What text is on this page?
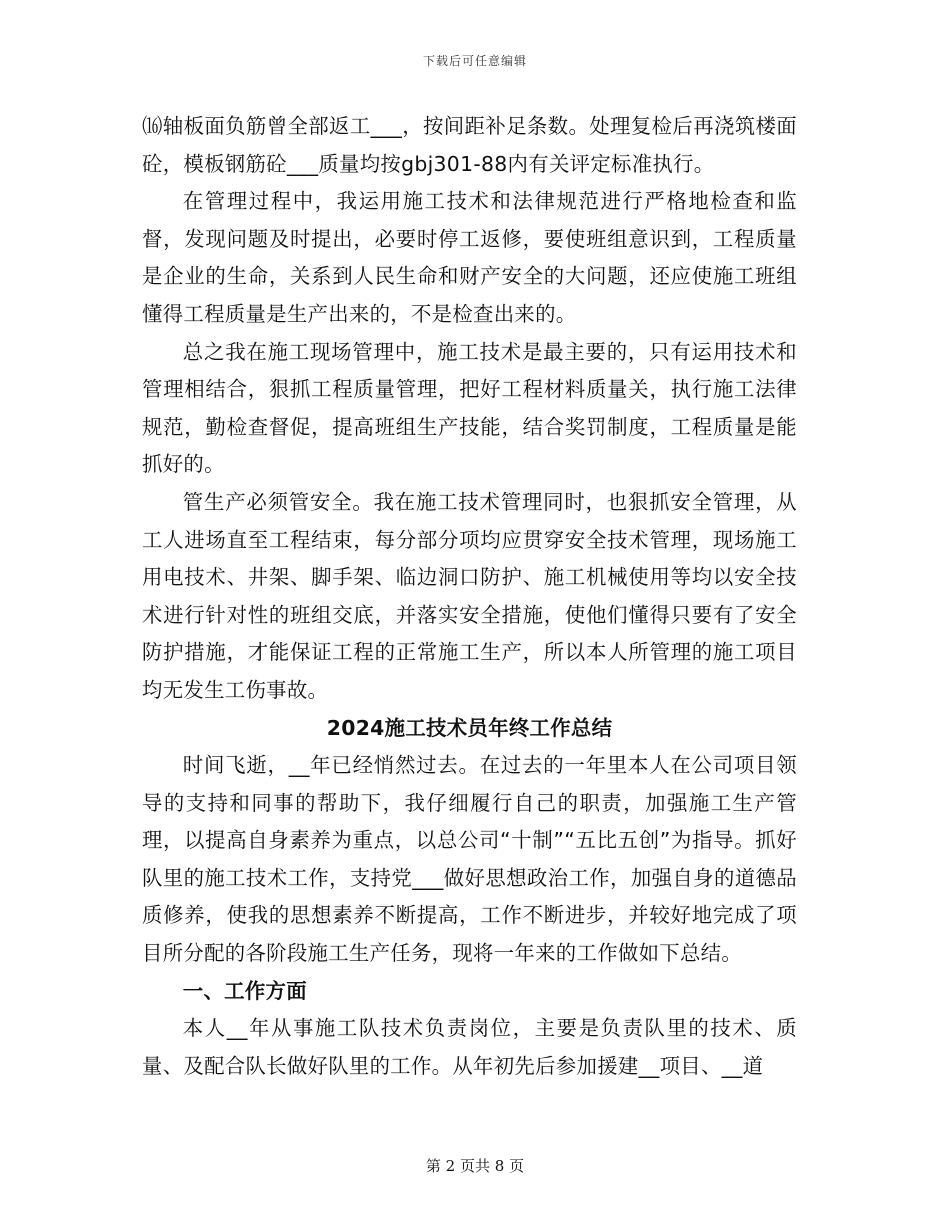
下载后可任意编辑

⒃轴板面负筋曾全部返工___，按间距补足条数。处理复检后再浇筑楼面砼，模板钢筋砼___质量均按gbj301-88内有关评定标准执行。

在管理过程中，我运用施工技术和法律规范进行严格地检查和监督，发现问题及时提出，必要时停工返修，要使班组意识到，工程质量是企业的生命，关系到人民生命和财产安全的大问题，还应使施工班组懂得工程质量是生产出来的，不是检查出来的。

总之我在施工现场管理中，施工技术是最主要的，只有运用技术和管理相结合，狠抓工程质量管理，把好工程材料质量关，执行施工法律规范，勤检查督促，提高班组生产技能，结合奖罚制度，工程质量是能抓好的。

管生产必须管安全。我在施工技术管理同时，也狠抓安全管理，从工人进场直至工程结束，每分部分项均应贯穿安全技术管理，现场施工用电技术、井架、脚手架、临边洞口防护、施工机械使用等均以安全技术进行针对性的班组交底，并落实安全措施，使他们懂得只要有了安全防护措施，才能保证工程的正常施工生产，所以本人所管理的施工项目均无发生工伤事故。

2024施工技术员年终工作总结

时间飞逝，__年已经悄然过去。在过去的一年里本人在公司项目领导的支持和同事的帮助下，我仔细履行自己的职责，加强施工生产管理，以提高自身素养为重点，以总公司“十制”“五比五创”为指导。抓好队里的施工技术工作，支持党___做好思想政治工作，加强自身的道德品质修养，使我的思想素养不断提高，工作不断进步，并较好地完成了项目所分配的各阶段施工生产任务，现将一年来的工作做如下总结。

一、工作方面

本人__年从事施工队技术负责岗位，主要是负责队里的技术、质量、及配合队长做好队里的工作。从年初先后参加援建__项目、__道

第 2 页共 8 页
